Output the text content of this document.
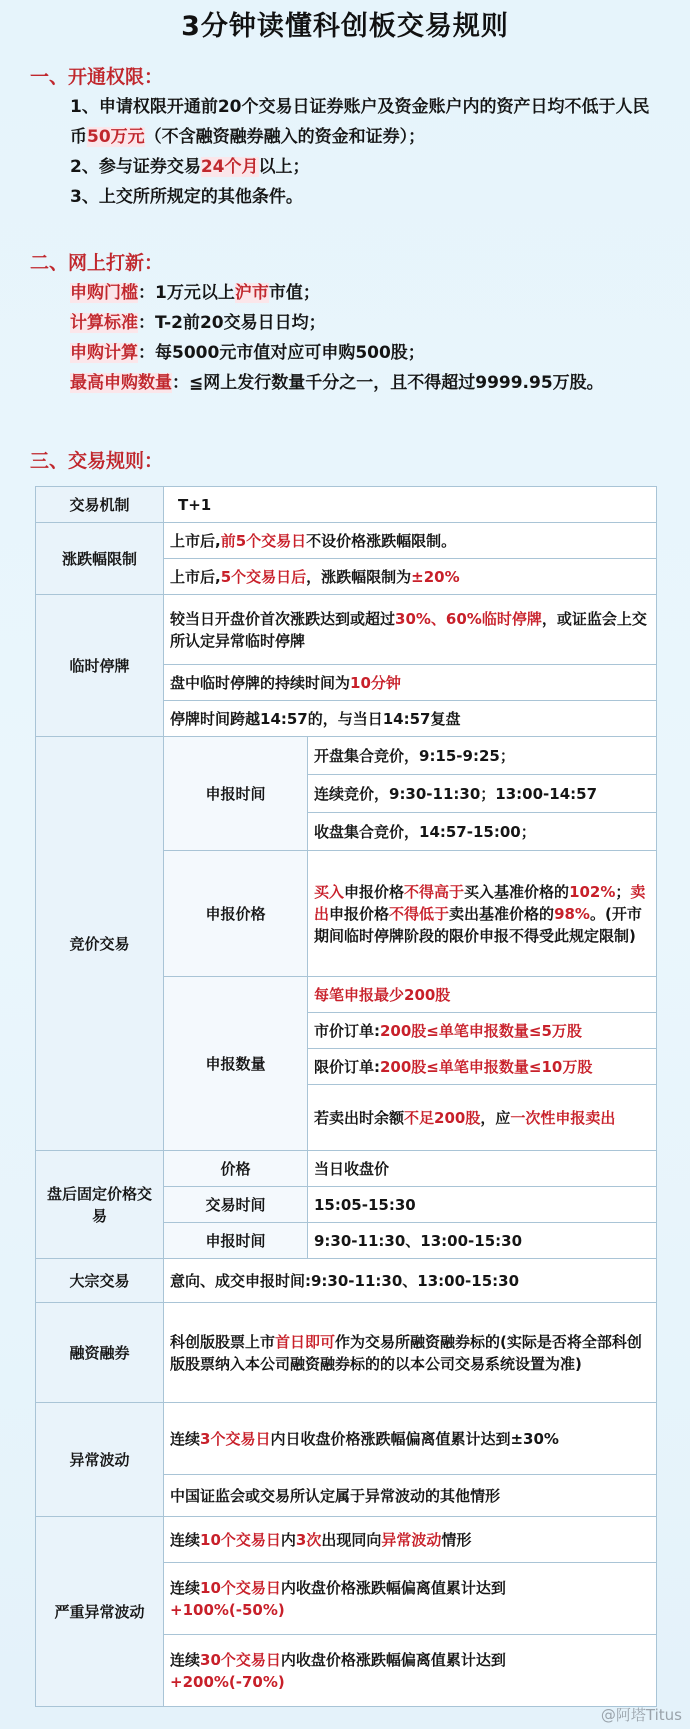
3分钟读懂科创板交易规则
一、开通权限：
1、申请权限开通前20个交易日证券账户及资金账户内的资产日均不低于人民币50万元（不含融资融券融入的资金和证券）；
2、参与证券交易24个月以上；
3、上交所所规定的其他条件。
二、网上打新：
申购门槛：1万元以上沪市市值；
计算标准：T-2前20交易日日均；
申购计算：每5000元市值对应可申购500股；
最高申购数量：≦网上发行数量千分之一，且不得超过9999.95万股。
三、交易规则：
交易机制	T+1	
涨跌幅限制	上市后,前5个交易日不设价格涨跌幅限制。	
	上市后,5个交易日后，涨跌幅限制为±20%	
临时停牌	较当日开盘价首次涨跌达到或超过30%、60%临时停牌，或证监会上交所认定异常临时停牌	
	盘中临时停牌的持续时间为10分钟	
	停牌时间跨越14:57的，与当日14:57复盘	
竞价交易	申报时间	开盘集合竞价，9:15-9:25；
		连续竞价，9:30-11:30；13:00-14:57
		收盘集合竞价，14:57-15:00；
	申报价格	买入申报价格不得高于买入基准价格的102%；卖出申报价格不得低于卖出基准价格的98%。(开市期间临时停牌阶段的限价申报不得受此规定限制)
	申报数量	每笔申报最少200股
		市价订单:200股≤单笔申报数量≤5万股
		限价订单:200股≤单笔申报数量≤10万股
		若卖出时余额不足200股，应一次性申报卖出
盘后固定价格交易	价格	当日收盘价
	交易时间	15:05-15:30
	申报时间	9:30-11:30、13:00-15:30
大宗交易	意向、成交申报时间:9:30-11:30、13:00-15:30	
融资融券	科创版股票上市首日即可作为交易所融资融券标的(实际是否将全部科创版股票纳入本公司融资融券标的的以本公司交易系统设置为准)	
异常波动	连续3个交易日内日收盘价格涨跌幅偏离值累计达到±30%	
	中国证监会或交易所认定属于异常波动的其他情形	
严重异常波动	连续10个交易日内3次出现同向异常波动情形	
	连续10个交易日内收盘价格涨跌幅偏离值累计达到
+100%(-50%)	
	连续30个交易日内收盘价格涨跌幅偏离值累计达到
+200%(-70%)	
@阿塔Titus
